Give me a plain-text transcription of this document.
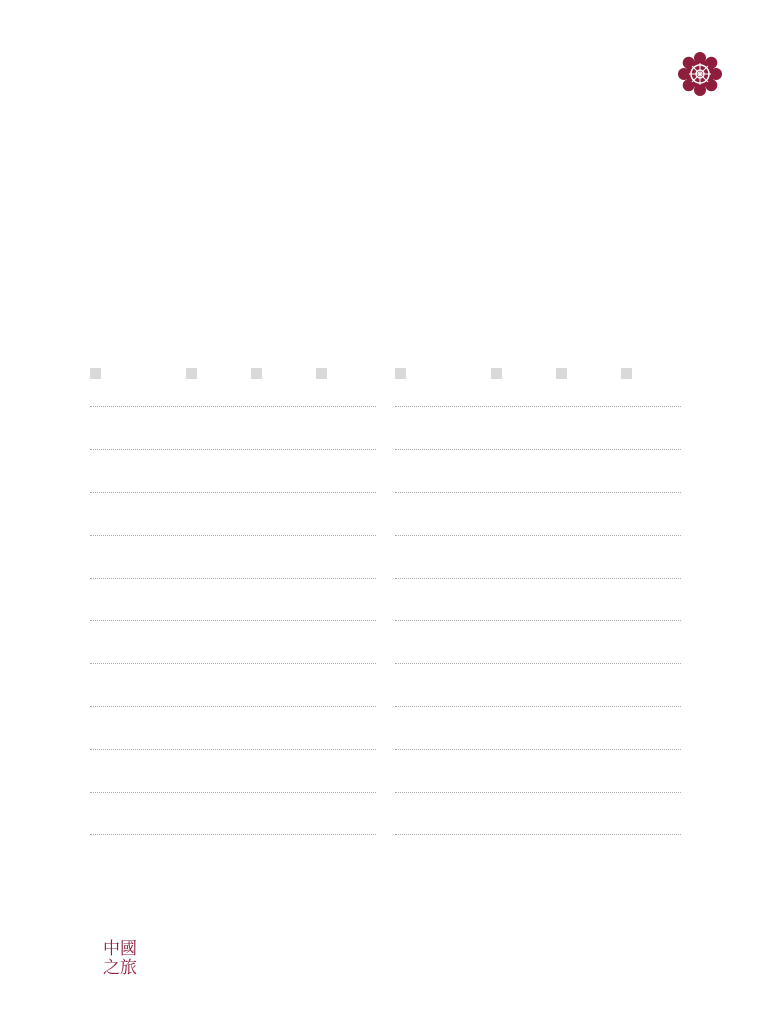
中國
之旅
